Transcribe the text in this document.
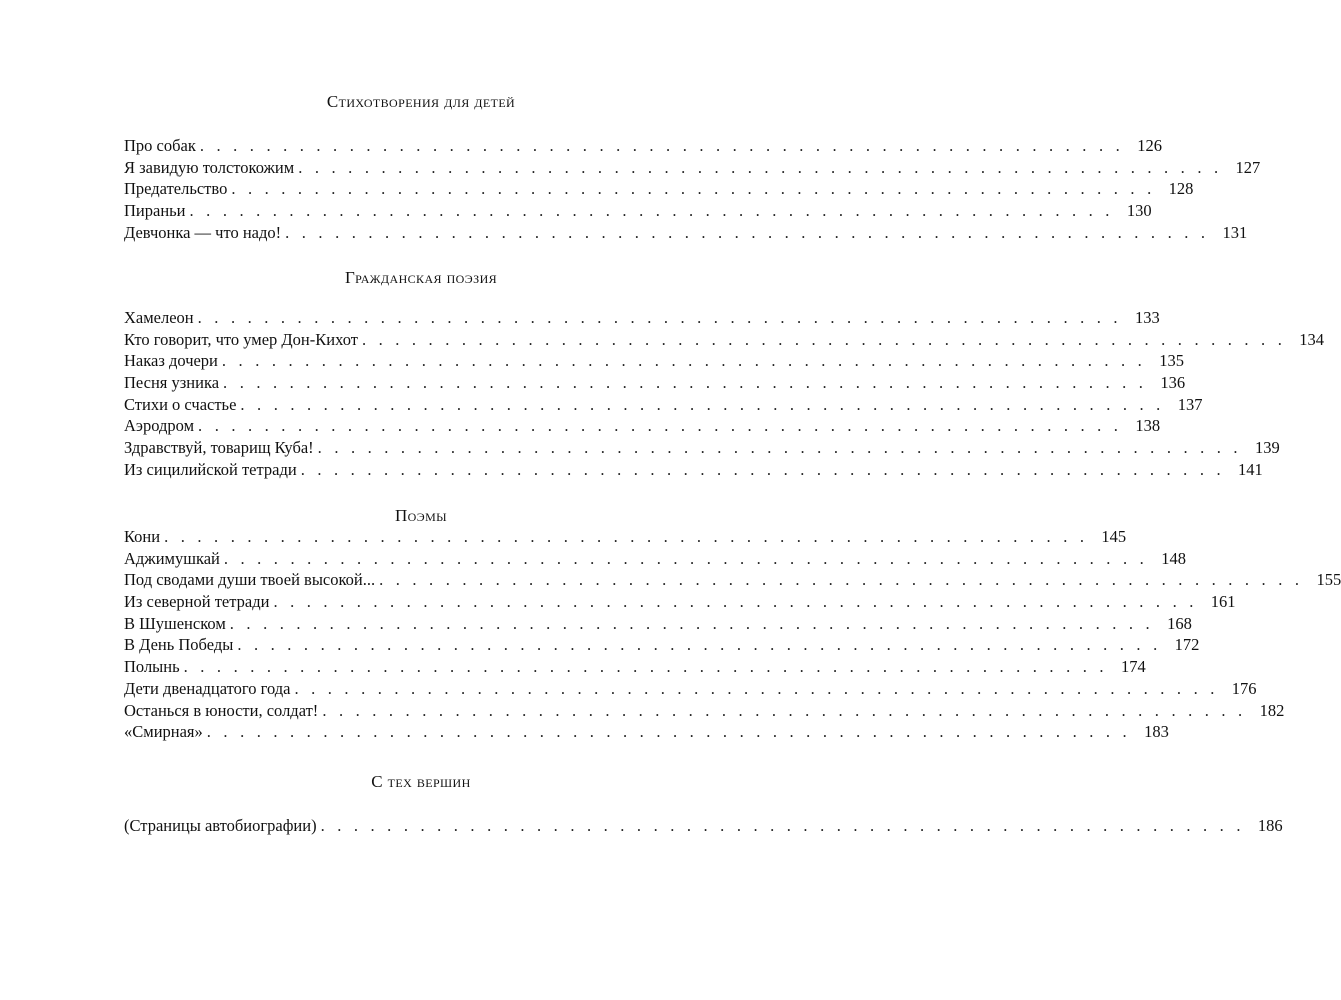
Стихотворения для детей
Про собак . . . . . . . . . . . . . . . . . . . . . . . . . . . . . . . . . . . . . . . . . . . . . . . . . . . . . . . . 126
Я завидую толстокожим . . . . . . . . . . . . . . . . . . . . . . . . . . . . . . . . . . . . . . . . . . . . . . . . . . . . . . . . 127
Предательство . . . . . . . . . . . . . . . . . . . . . . . . . . . . . . . . . . . . . . . . . . . . . . . . . . . . . . . . 128
Пираньи . . . . . . . . . . . . . . . . . . . . . . . . . . . . . . . . . . . . . . . . . . . . . . . . . . . . . . . . 130
Девчонка — что надо! . . . . . . . . . . . . . . . . . . . . . . . . . . . . . . . . . . . . . . . . . . . . . . . . . . . . . . . . 131
Гражданская поэзия
Хамелеон . . . . . . . . . . . . . . . . . . . . . . . . . . . . . . . . . . . . . . . . . . . . . . . . . . . . . . . . 133
Кто говорит, что умер Дон-Кихот . . . . . . . . . . . . . . . . . . . . . . . . . . . . . . . . . . . . . . . . . . . . . . . . . . . . . . . . 134
Наказ дочери . . . . . . . . . . . . . . . . . . . . . . . . . . . . . . . . . . . . . . . . . . . . . . . . . . . . . . . . 135
Песня узника . . . . . . . . . . . . . . . . . . . . . . . . . . . . . . . . . . . . . . . . . . . . . . . . . . . . . . . . 136
Стихи о счастье . . . . . . . . . . . . . . . . . . . . . . . . . . . . . . . . . . . . . . . . . . . . . . . . . . . . . . . . 137
Аэродром . . . . . . . . . . . . . . . . . . . . . . . . . . . . . . . . . . . . . . . . . . . . . . . . . . . . . . . . 138
Здравствуй, товарищ Куба! . . . . . . . . . . . . . . . . . . . . . . . . . . . . . . . . . . . . . . . . . . . . . . . . . . . . . . . . 139
Из сицилийской тетради . . . . . . . . . . . . . . . . . . . . . . . . . . . . . . . . . . . . . . . . . . . . . . . . . . . . . . . . 141
Поэмы
Кони . . . . . . . . . . . . . . . . . . . . . . . . . . . . . . . . . . . . . . . . . . . . . . . . . . . . . . . . 145
Аджимушкай . . . . . . . . . . . . . . . . . . . . . . . . . . . . . . . . . . . . . . . . . . . . . . . . . . . . . . . . 148
Под сводами души твоей высокой... . . . . . . . . . . . . . . . . . . . . . . . . . . . . . . . . . . . . . . . . . . . . . . . . . . . . . . . . 155
Из северной тетради . . . . . . . . . . . . . . . . . . . . . . . . . . . . . . . . . . . . . . . . . . . . . . . . . . . . . . . . 161
В Шушенском . . . . . . . . . . . . . . . . . . . . . . . . . . . . . . . . . . . . . . . . . . . . . . . . . . . . . . . . 168
В День Победы . . . . . . . . . . . . . . . . . . . . . . . . . . . . . . . . . . . . . . . . . . . . . . . . . . . . . . . . 172
Полынь . . . . . . . . . . . . . . . . . . . . . . . . . . . . . . . . . . . . . . . . . . . . . . . . . . . . . . . . 174
Дети двенадцатого года . . . . . . . . . . . . . . . . . . . . . . . . . . . . . . . . . . . . . . . . . . . . . . . . . . . . . . . . 176
Останься в юности, солдат! . . . . . . . . . . . . . . . . . . . . . . . . . . . . . . . . . . . . . . . . . . . . . . . . . . . . . . . . 182
«Смирная» . . . . . . . . . . . . . . . . . . . . . . . . . . . . . . . . . . . . . . . . . . . . . . . . . . . . . . . . 183
С тех вершин
(Страницы автобиографии) . . . . . . . . . . . . . . . . . . . . . . . . . . . . . . . . . . . . . . . . . . . . . . . . . . . . . . . . 186
